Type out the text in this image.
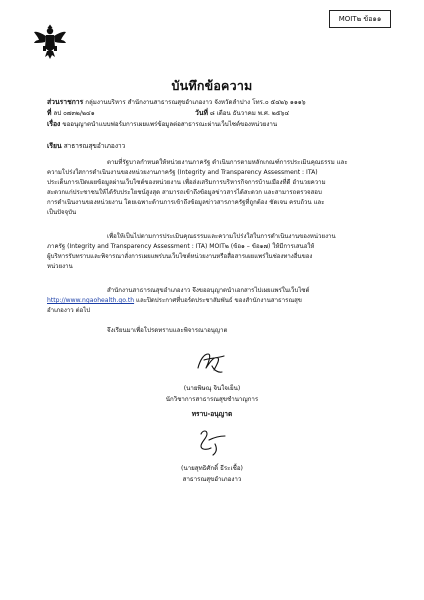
MOIT๒ ข้อ๑๑
บันทึกข้อความ
ส่วนราชการ กลุ่มงานบริหาร สำนักงานสาธารณสุขอำเภองาว จังหวัดลำปาง โทร.๐ ๕๔๒๖ ๑๑๑๖
ที่ ลป ๐๗๓๒/๒๔๑	วันที่ ๘ เดือน ธันวาคม พ.ศ. ๒๕๖๔
เรื่อง ขออนุญาตนำแบบฟอร์มการเผยแพร่ข้อมูลต่อสาธารณะผ่านเว็บไซต์ของหน่วยงาน
เรียน สาธารณสุขอำเภองาว
ตามที่รัฐบาลกำหนดให้หน่วยงานภาครัฐ ดำเนินการตามหลักเกณฑ์การประเมินคุณธรรม และ
ความโปร่งใสการดำเนินงานของหน่วยงานภาครัฐ (Integrity and Transparency Assessment : ITA)
ประเด็นการเปิดเผยข้อมูลผ่านเว็บไซต์ของหน่วยงาน เพื่อส่งเสริมการบริหารกิจการบ้านเมืองที่ดี อำนวยความ
สะดวกแก่ประชาชนให้ได้รับประโยชน์สูงสุด สามารถเข้าถึงข้อมูลข่าวสารได้สะดวก และสามารถตรวจสอบ
การดำเนินงานของหน่วยงาน โดยเฉพาะด้านการเข้าถึงข้อมูลข่าวสารภาครัฐที่ถูกต้อง ชัดเจน ครบถ้วน และ
เป็นปัจจุบัน
เพื่อให้เป็นไปตามการประเมินคุณธรรมและความโปร่งใสในการดำเนินงานของหน่วยงาน
ภาครัฐ (Integrity and Transparency Assessment : ITA) MOIT๒ (ข้อ๑ – ข้อ๑๗) ให้มีการเสนอให้
ผู้บริหารรับทราบและพิจารณาสั่งการเผยแพร่บนเว็บไซต์หน่วยงานหรือสื่อสารเผยแพร่ในช่องทางอื่นของ
หน่วยงาน
สำนักงานสาธารณสุขอำเภองาว จึงขออนุญาตนำเอกสารไปเผยแพร่ในเว็บไซต์
http://www.ngaohealth.go.th และปิดประกาศที่บอร์ดประชาสัมพันธ์ ของสำนักงานสาธารณสุข
อำเภองาว ต่อไป
จึงเรียนมาเพื่อโปรดทราบและพิจารณาอนุญาต
(นายพิษณุ จินใจเย็น)
นักวิชาการสาธารณสุขชำนาญการ
ทราบ-อนุญาต
(นายสุทธิศักดิ์ ธีระเชื้อ)
สาธารณสุขอำเภองาว
